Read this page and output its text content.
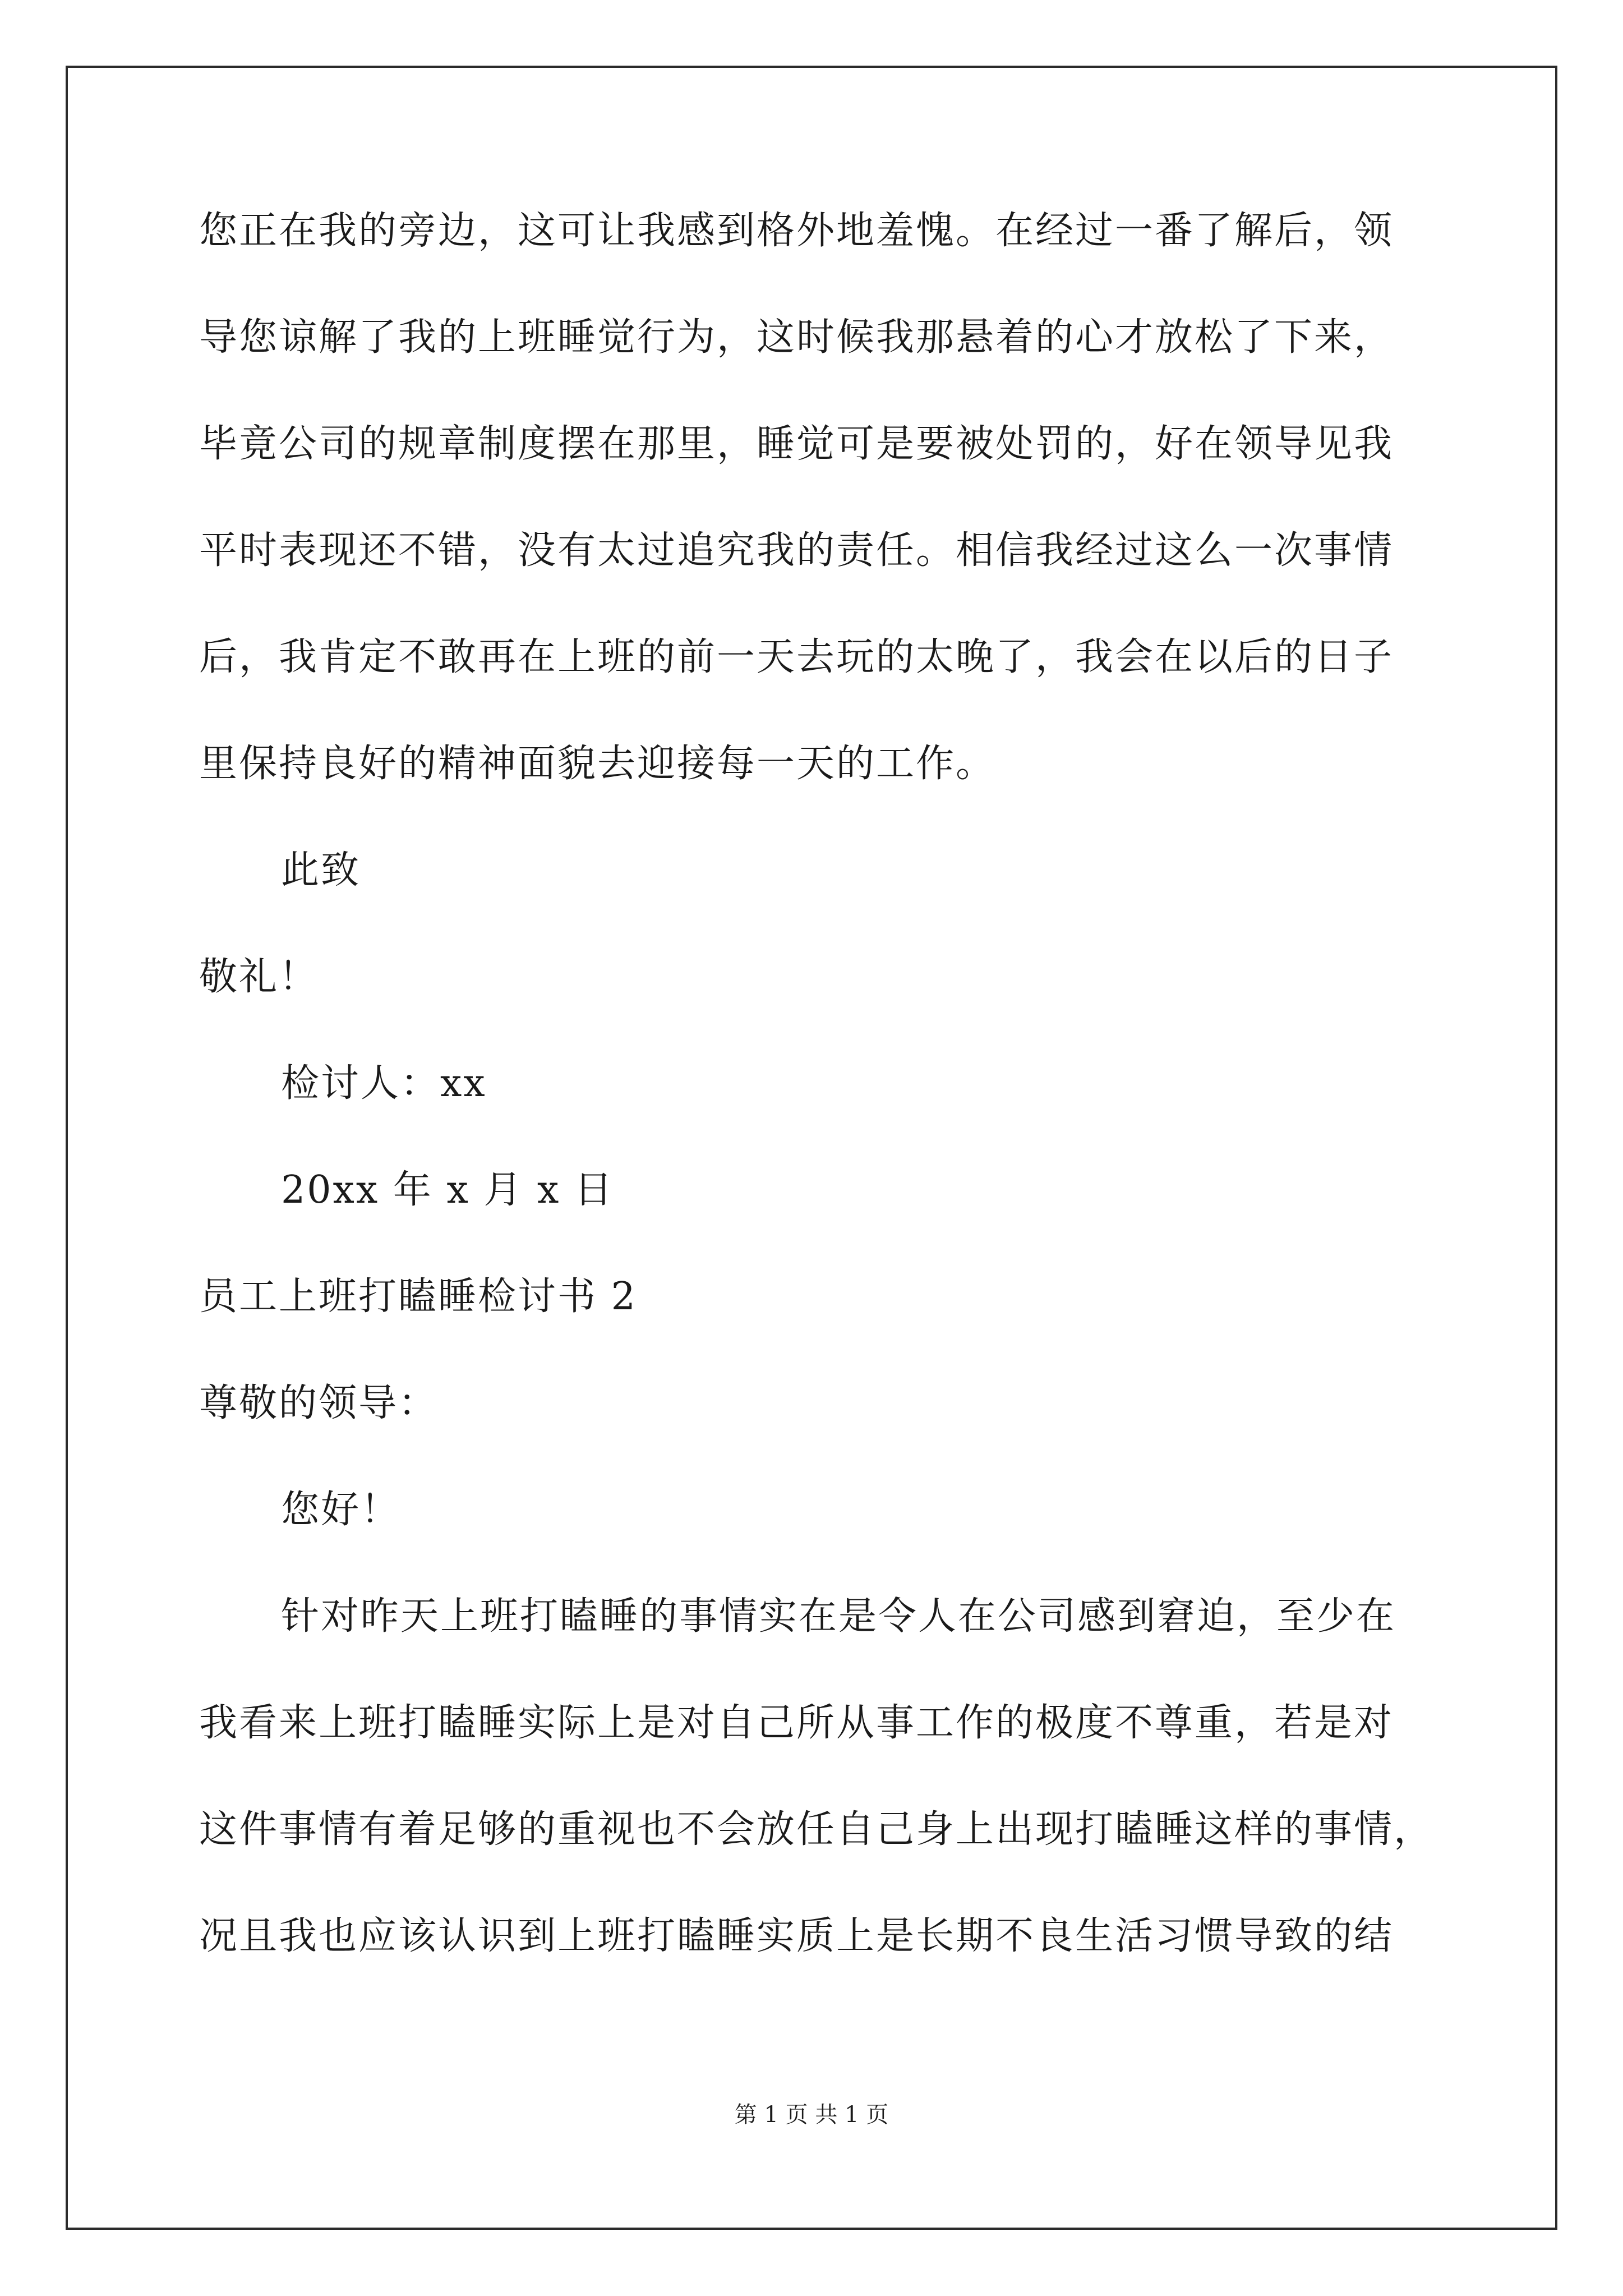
您正在我的旁边，这可让我感到格外地羞愧。在经过一番了解后，领
导您谅解了我的上班睡觉行为，这时候我那悬着的心才放松了下来，
毕竟公司的规章制度摆在那里，睡觉可是要被处罚的，好在领导见我
平时表现还不错，没有太过追究我的责任。相信我经过这么一次事情
后，我肯定不敢再在上班的前一天去玩的太晚了，我会在以后的日子
里保持良好的精神面貌去迎接每一天的工作。
此致
敬礼！
检讨人：xx
20xx 年 x 月 x 日
员工上班打瞌睡检讨书 2
尊敬的领导：
您好！
针对昨天上班打瞌睡的事情实在是令人在公司感到窘迫，至少在
我看来上班打瞌睡实际上是对自己所从事工作的极度不尊重，若是对
这件事情有着足够的重视也不会放任自己身上出现打瞌睡这样的事情，
况且我也应该认识到上班打瞌睡实质上是长期不良生活习惯导致的结
第 1 页 共 1 页
